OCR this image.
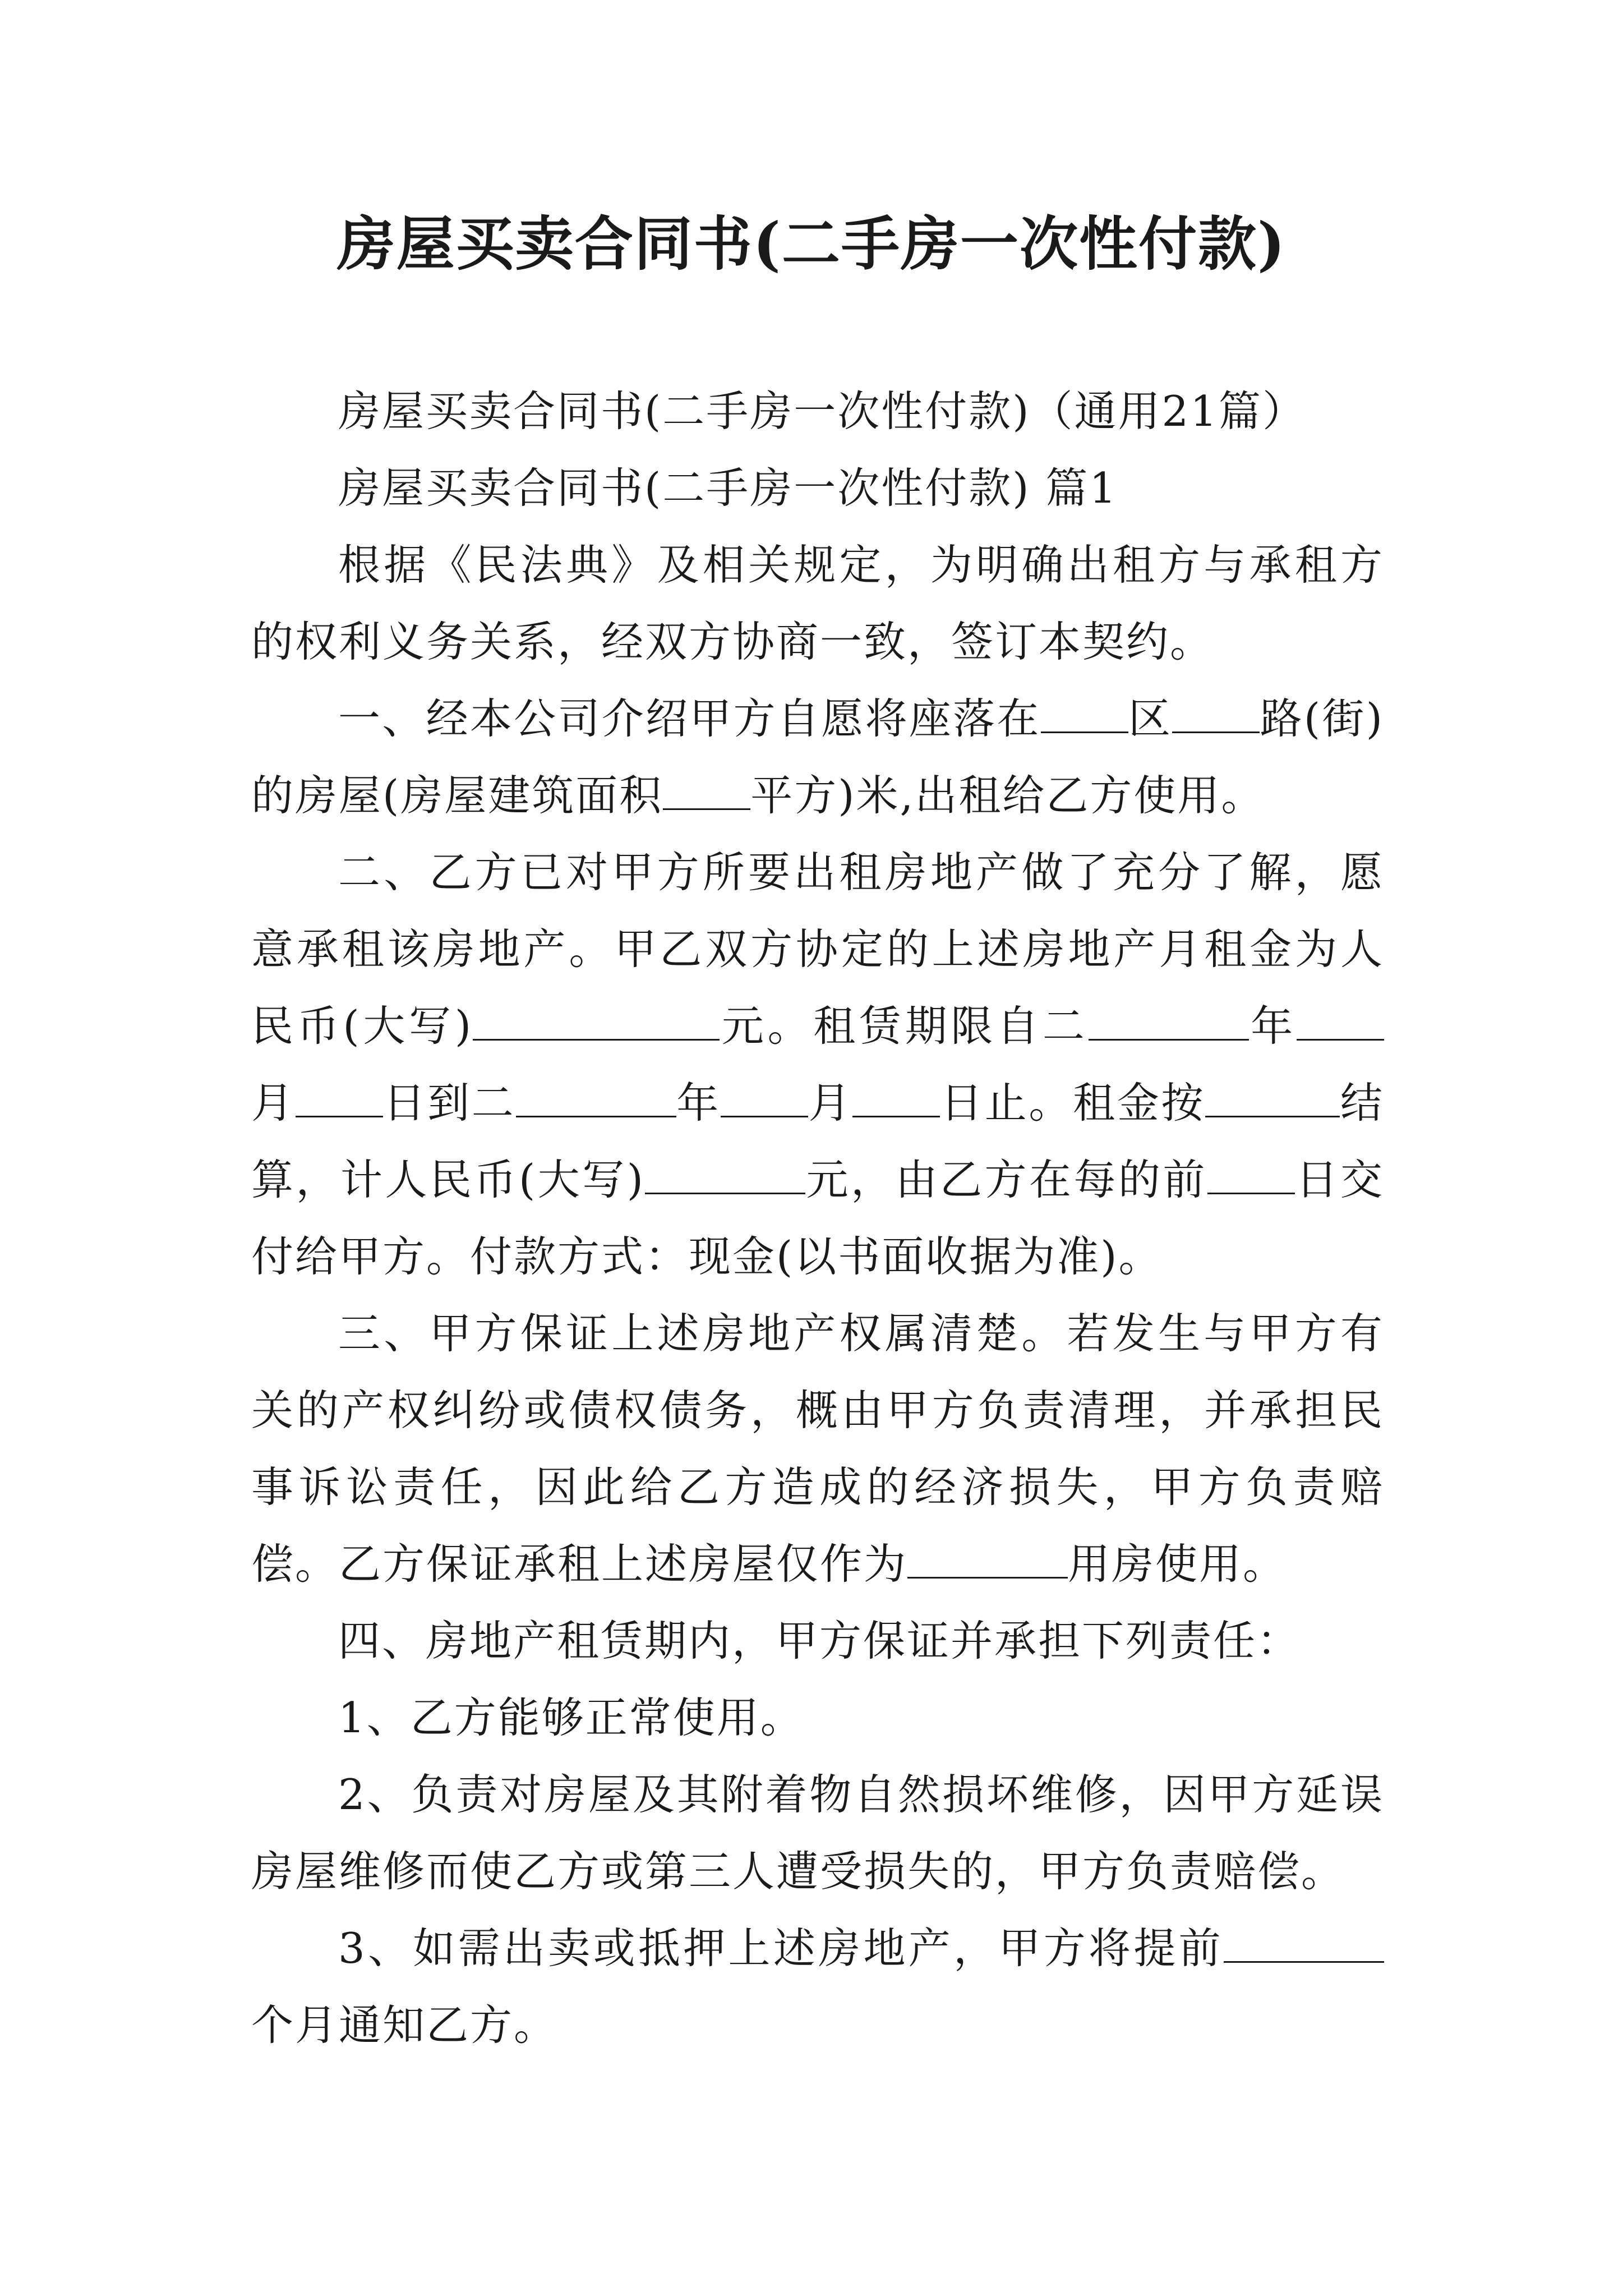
房屋买卖合同书(二手房一次性付款)

房屋买卖合同书(二手房一次性付款)（通用21篇）

房屋买卖合同书(二手房一次性付款) 篇1

根据《民法典》及相关规定，为明确出租方与承租方的权利义务关系，经双方协商一致，签订本契约。

一、经本公司介绍甲方自愿将座落在 区 路(街)的房屋(房屋建筑面积 平方)米,出租给乙方使用。

二、乙方已对甲方所要出租房地产做了充分了解，愿意承租该房地产。甲乙双方协定的上述房地产月租金为人民币(大写)	元。租赁期限自二	年月 日到二	年 月 日止。租金按	结算，计人民币(大写)	元，由乙方在每的前 日交付给甲方。付款方式：现金(以书面收据为准)。

三、甲方保证上述房地产权属清楚。若发生与甲方有关的产权纠纷或债权债务，概由甲方负责清理，并承担民事诉讼责任，因此给乙方造成的经济损失，甲方负责赔偿。乙方保证承租上述房屋仅作为	用房使用。

四、房地产租赁期内，甲方保证并承担下列责任：

1、乙方能够正常使用。

2、负责对房屋及其附着物自然损坏维修，因甲方延误房屋维修而使乙方或第三人遭受损失的，甲方负责赔偿。

3、如需出卖或抵押上述房地产，甲方将提前个月通知乙方。
